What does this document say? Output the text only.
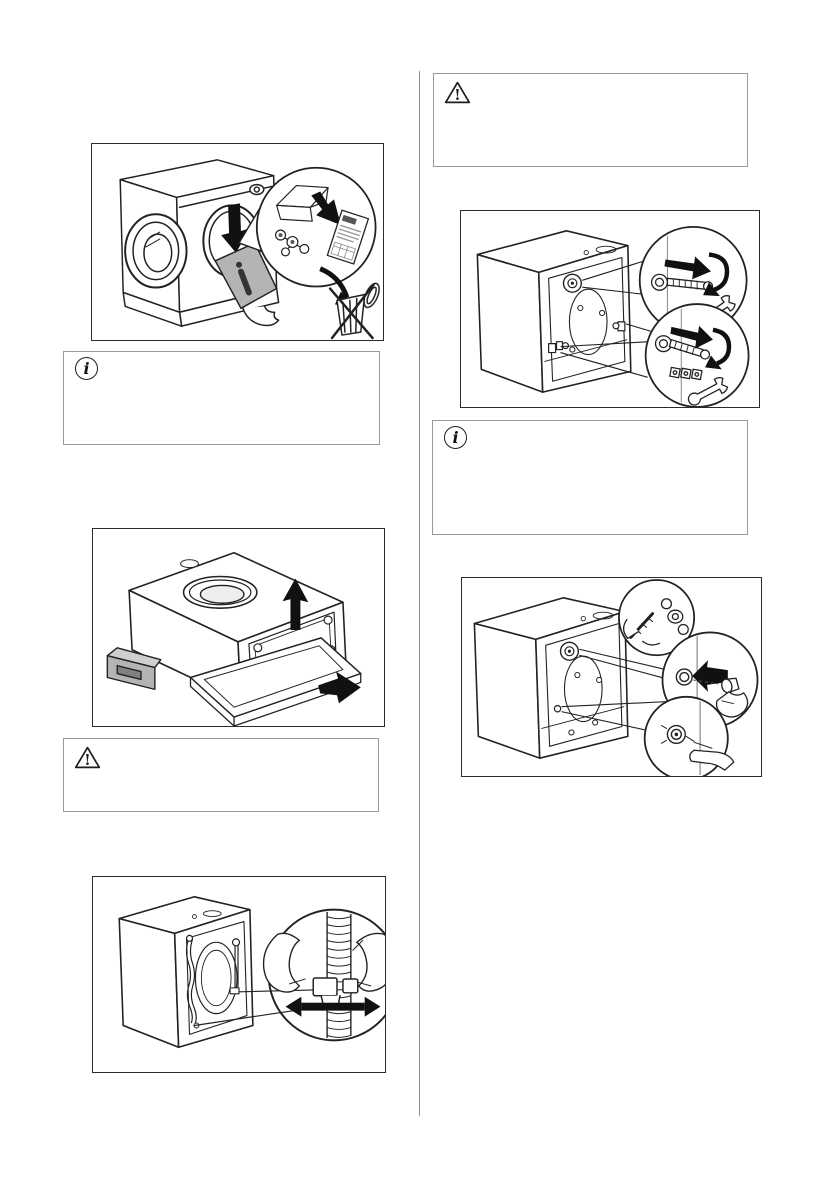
i
!
!
i
